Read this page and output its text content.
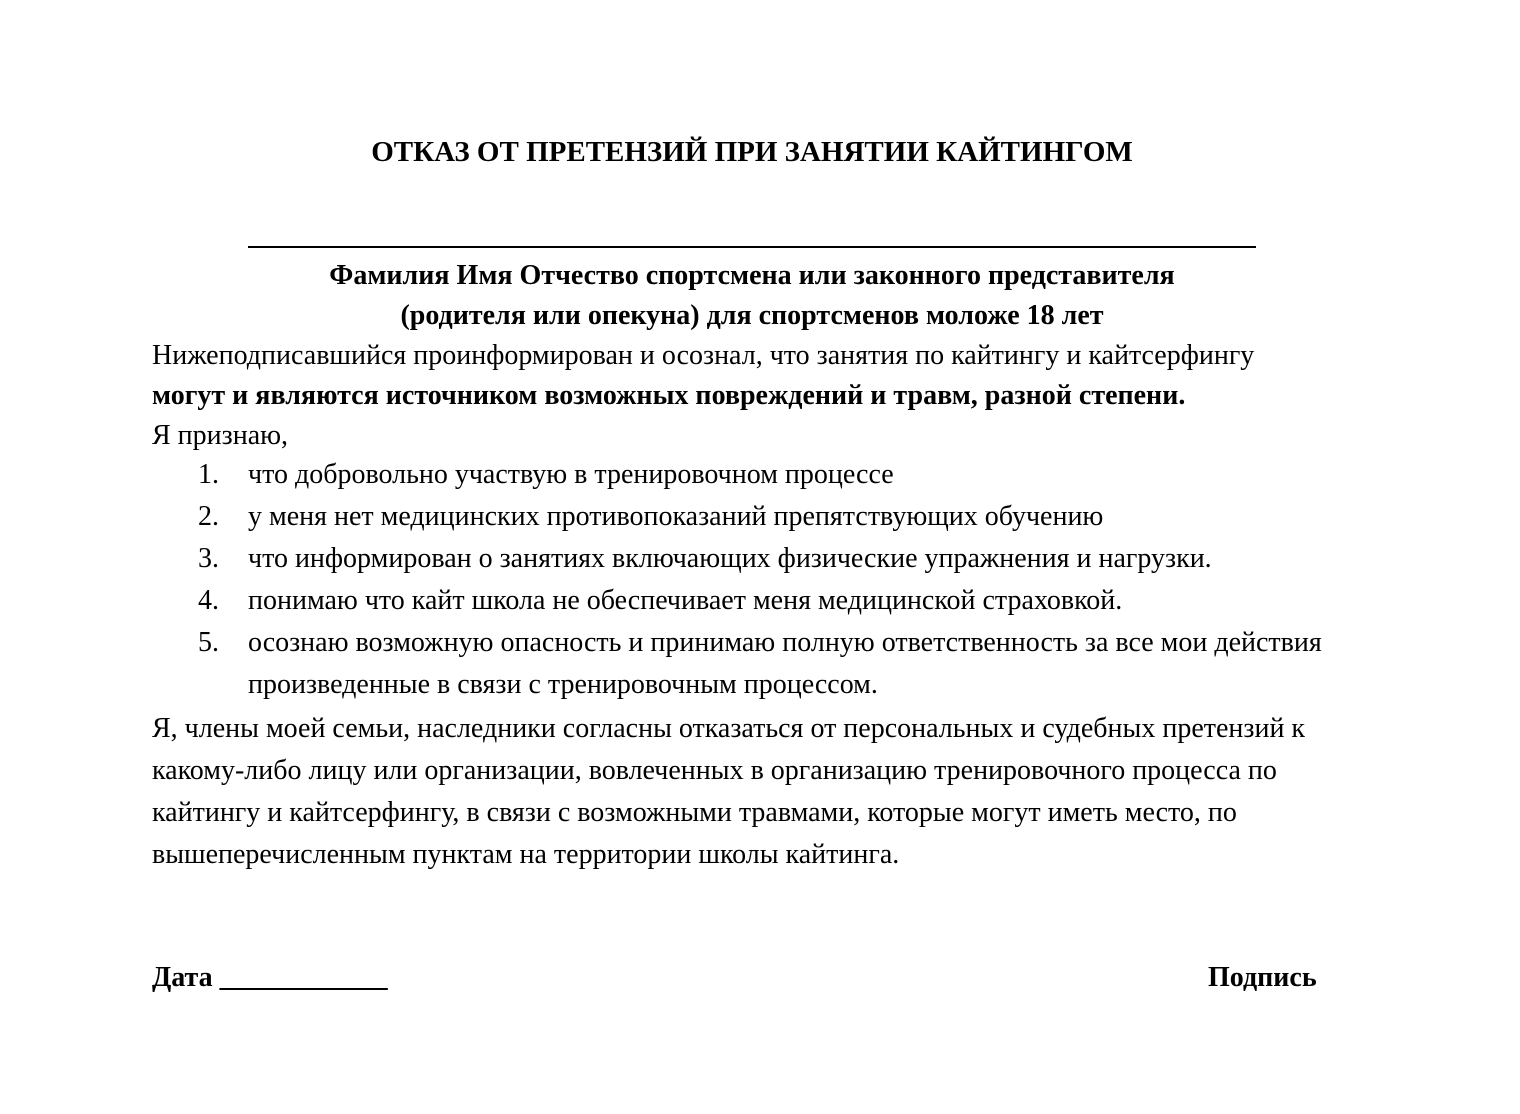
ОТКАЗ ОТ ПРЕТЕНЗИЙ ПРИ ЗАНЯТИИ КАЙТИНГОМ
Фамилия Имя Отчество спортсмена или законного представителя
(родителя или опекуна) для спортсменов моложе 18 лет
Нижеподписавшийся проинформирован и осознал, что занятия по кайтингу и кайтсерфингу
могут и являются источником возможных повреждений и травм, разной степени.
Я признаю,
1. что добровольно участвую в тренировочном процессе
2. у меня нет медицинских противопоказаний препятствующих обучению
3. что информирован о занятиях включающих физические упражнения и нагрузки.
4. понимаю что кайт школа не обеспечивает меня медицинской страховкой.
5. осознаю возможную опасность и принимаю полную ответственность за все мои действия произведенные в связи с тренировочным процессом.
Я, члены моей семьи, наследники согласны отказаться от персональных и судебных претензий к какому-либо лицу или организации, вовлеченных в организацию тренировочного процесса по кайтингу и кайтсерфингу, в связи с возможными травмами, которые могут иметь место, по вышеперечисленным пунктам на территории школы кайтинга.
Дата ____________	Подпись
